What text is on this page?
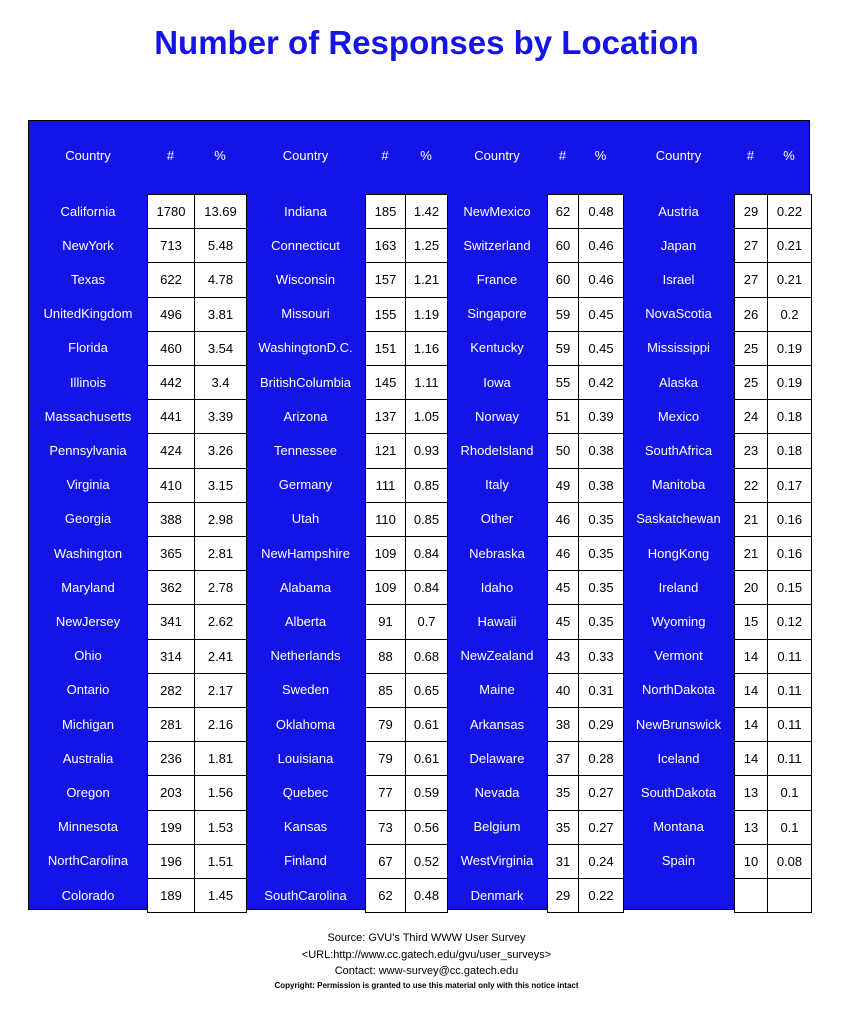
Number of Responses by Location
Country	#	%
California	1780	13.69
NewYork	713	5.48
Texas	622	4.78
UnitedKingdom	496	3.81
Florida	460	3.54
Illinois	442	3.4
Massachusetts	441	3.39
Pennsylvania	424	3.26
Virginia	410	3.15
Georgia	388	2.98
Washington	365	2.81
Maryland	362	2.78
NewJersey	341	2.62
Ohio	314	2.41
Ontario	282	2.17
Michigan	281	2.16
Australia	236	1.81
Oregon	203	1.56
Minnesota	199	1.53
NorthCarolina	196	1.51
Colorado	189	1.45
Country	#	%
Indiana	185	1.42
Connecticut	163	1.25
Wisconsin	157	1.21
Missouri	155	1.19
WashingtonD.C.	151	1.16
BritishColumbia	145	1.11
Arizona	137	1.05
Tennessee	121	0.93
Germany	111	0.85
Utah	110	0.85
NewHampshire	109	0.84
Alabama	109	0.84
Alberta	91	0.7
Netherlands	88	0.68
Sweden	85	0.65
Oklahoma	79	0.61
Louisiana	79	0.61
Quebec	77	0.59
Kansas	73	0.56
Finland	67	0.52
SouthCarolina	62	0.48
Country	#	%
NewMexico	62	0.48
Switzerland	60	0.46
France	60	0.46
Singapore	59	0.45
Kentucky	59	0.45
Iowa	55	0.42
Norway	51	0.39
RhodeIsland	50	0.38
Italy	49	0.38
Other	46	0.35
Nebraska	46	0.35
Idaho	45	0.35
Hawaii	45	0.35
NewZealand	43	0.33
Maine	40	0.31
Arkansas	38	0.29
Delaware	37	0.28
Nevada	35	0.27
Belgium	35	0.27
WestVirginia	31	0.24
Denmark	29	0.22
Country	#	%
Austria	29	0.22
Japan	27	0.21
Israel	27	0.21
NovaScotia	26	0.2
Mississippi	25	0.19
Alaska	25	0.19
Mexico	24	0.18
SouthAfrica	23	0.18
Manitoba	22	0.17
Saskatchewan	21	0.16
HongKong	21	0.16
Ireland	20	0.15
Wyoming	15	0.12
Vermont	14	0.11
NorthDakota	14	0.11
NewBrunswick	14	0.11
Iceland	14	0.11
SouthDakota	13	0.1
Montana	13	0.1
Spain	10	0.08
Source: GVU's Third WWW User Survey
<URL:http://www.cc.gatech.edu/gvu/user_surveys>
Contact: www-survey@cc.gatech.edu
Copyright: Permission is granted to use this material only with this notice intact
